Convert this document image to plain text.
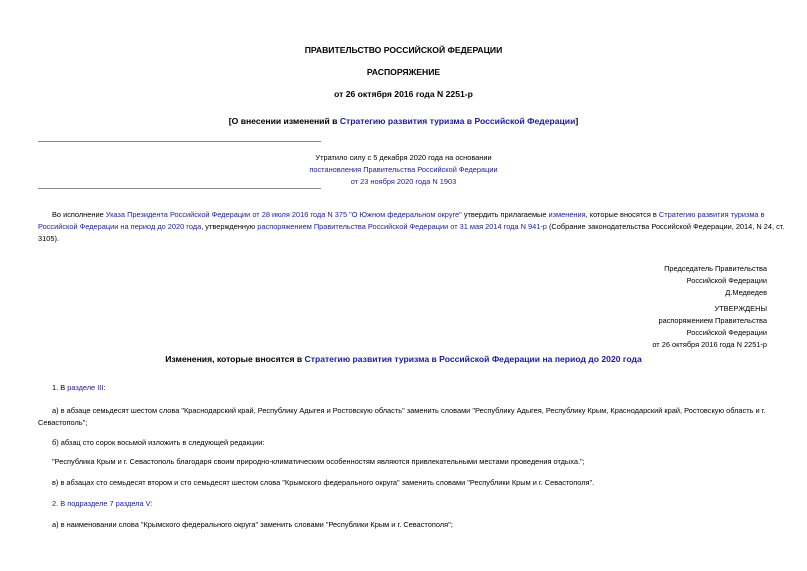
ПРАВИТЕЛЬСТВО РОССИЙСКОЙ ФЕДЕРАЦИИ
РАСПОРЯЖЕНИЕ
от 26 октября 2016 года N 2251-р
[О внесении изменений в Стратегию развития туризма в Российской Федерации]
Утратило силу с 5 декабря 2020 года на основании
постановления Правительства Российской Федерации
от 23 ноября 2020 года N 1903
Во исполнение Указа Президента Российской Федерации от 28 июля 2016 года N 375 "О Южном федеральном округе" утвердить прилагаемые изменения, которые вносятся в Стратегию развития туризма в
Российской Федерации на период до 2020 года, утвержденную распоряжением Правительства Российской Федерации от 31 мая 2014 года N 941-р (Собрание законодательства Российской Федерации, 2014, N 24, ст.
3105).
Председатель Правительства
Российской Федерации
Д.Медведев
УТВЕРЖДЕНЫ
распоряжением Правительства
Российской Федерации
от 26 октября 2016 года N 2251-р
Изменения, которые вносятся в Стратегию развития туризма в Российской Федерации на период до 2020 года
1. В разделе III:
а) в абзаце семьдесят шестом слова "Краснодарский край, Республику Адыгея и Ростовскую область" заменить словами "Республику Адыгея, Республику Крым, Краснодарский край, Ростовскую область и г.
Севастополь";
б) абзац сто сорок восьмой изложить в следующей редакции:
"Республика Крым и г. Севастополь благодаря своим природно-климатическим особенностям являются привлекательными местами проведения отдыха.";
в) в абзацах сто семьдесят втором и сто семьдесят шестом слова "Крымского федерального округа" заменить словами "Республики Крым и г. Севастополя".
2. В подразделе 7 раздела V:
а) в наименовании слова "Крымского федерального округа" заменить словами "Республики Крым и г. Севастополя";
